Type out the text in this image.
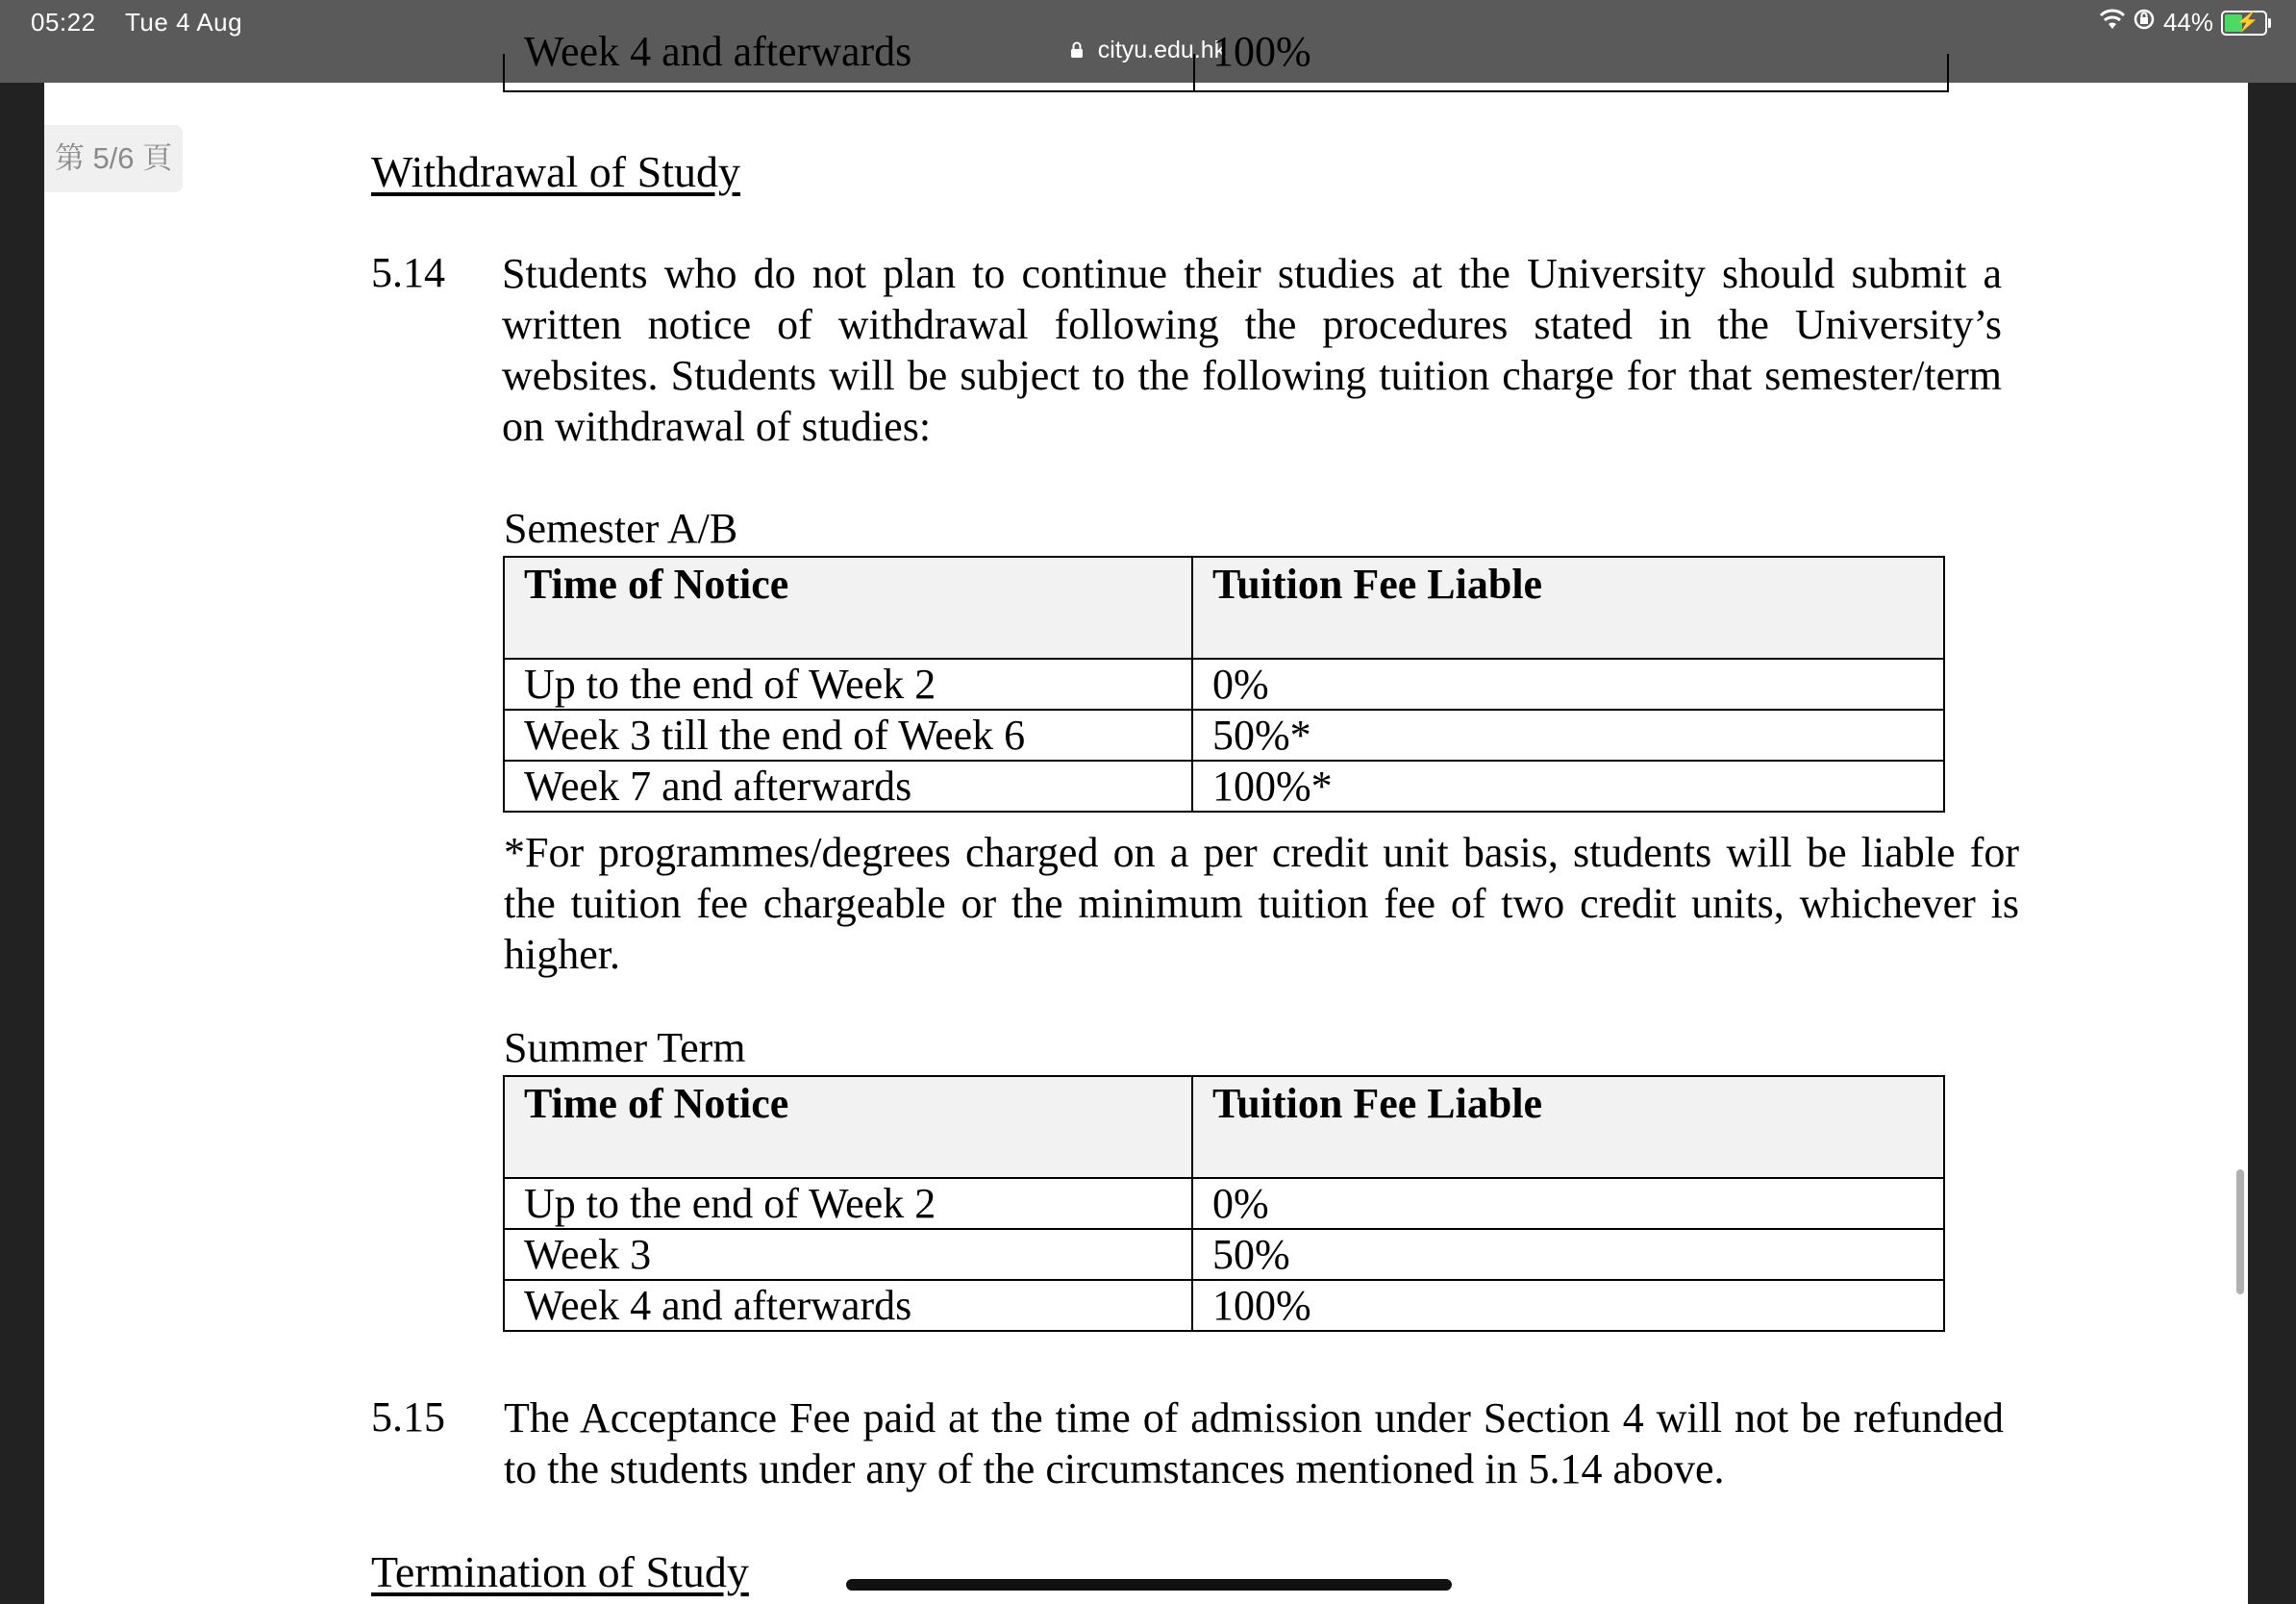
05:22 Tue 4 Aug	44% ⚡
cityu.edu.hk
Week 4 and afterwards	100%
Withdrawal of Study
5.14 Students who do not plan to continue their studies at the University should submit a written notice of withdrawal following the procedures stated in the University’s websites. Students will be subject to the following tuition charge for that semester/term on withdrawal of studies:

Semester A/B
Time of Notice	Tuition Fee Liable
Up to the end of Week 2	0%
Week 3 till the end of Week 6	50%*
Week 7 and afterwards	100%*

*For programmes/degrees charged on a per credit unit basis, students will be liable for the tuition fee chargeable or the minimum tuition fee of two credit units, whichever is higher.

Summer Term
Time of Notice	Tuition Fee Liable
Up to the end of Week 2	0%
Week 3	50%
Week 4 and afterwards	100%
5.15 The Acceptance Fee paid at the time of admission under Section 4 will not be refunded to the students under any of the circumstances mentioned in 5.14 above.

Termination of Study
第 5/6 頁
